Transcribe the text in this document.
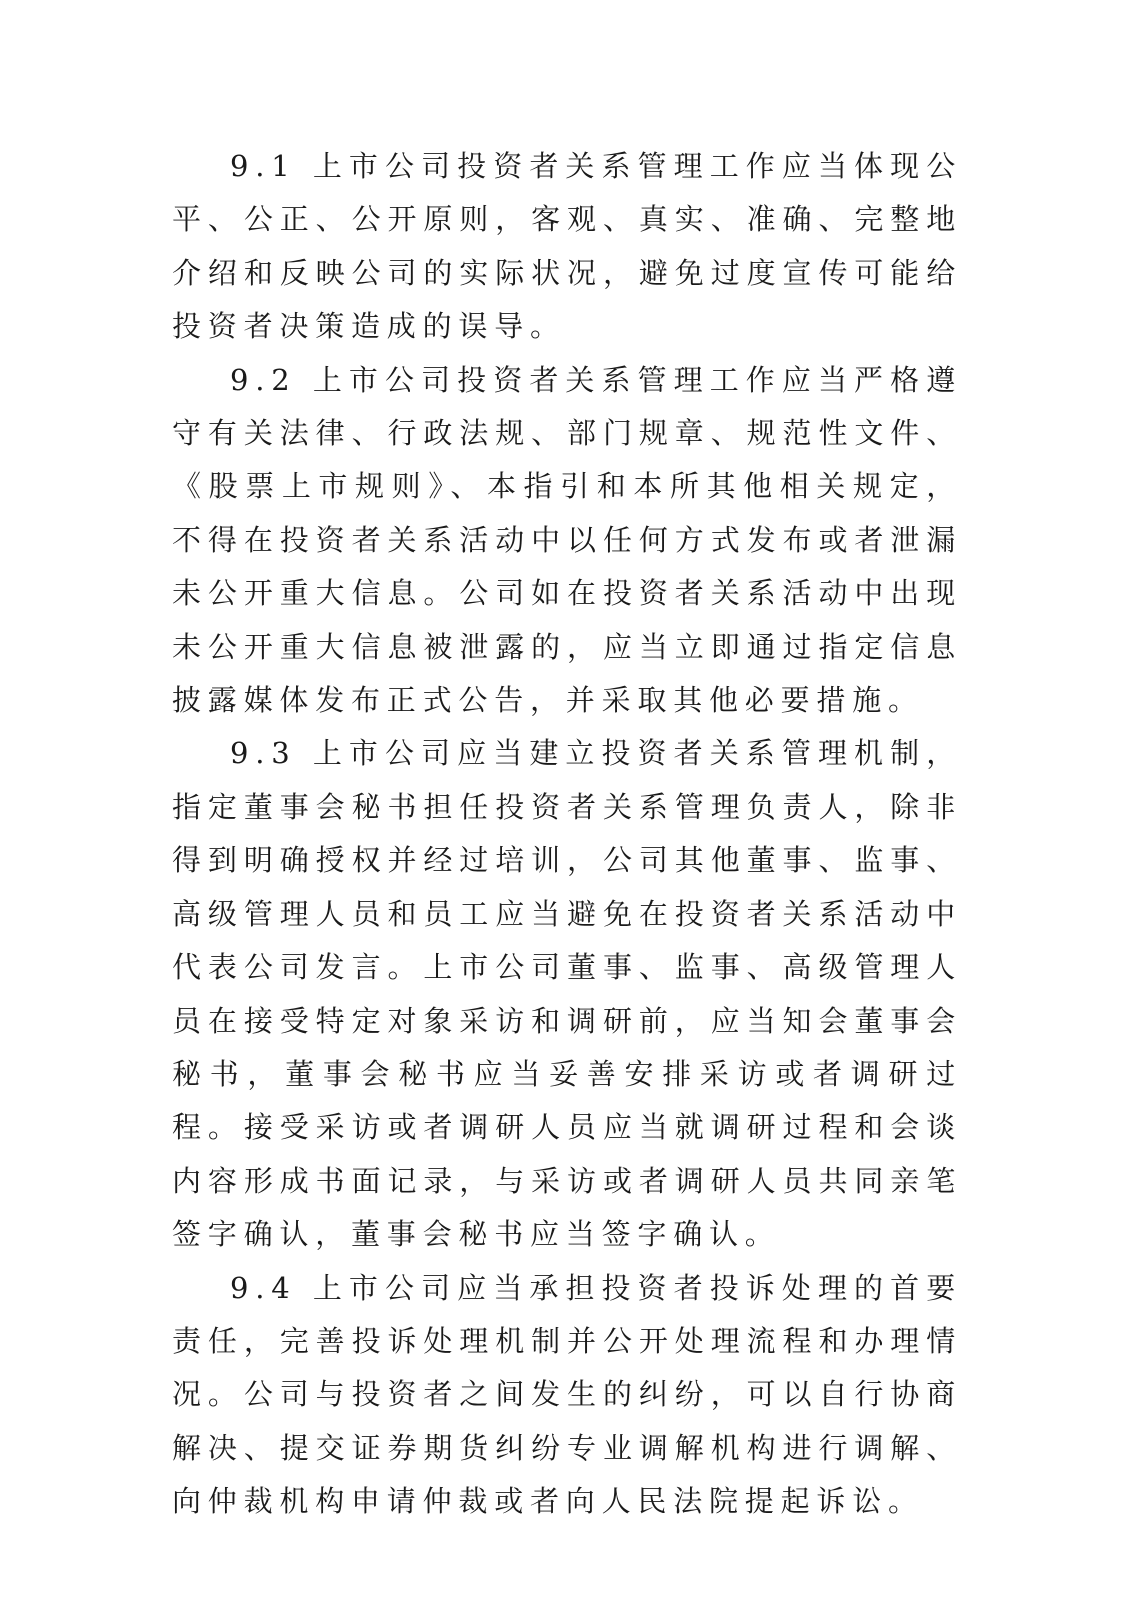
9.1 上市公司投资者关系管理工作应当体现公平、公正、公开原则，客观、真实、准确、完整地介绍和反映公司的实际状况，避免过度宣传可能给投资者决策造成的误导。

9.2 上市公司投资者关系管理工作应当严格遵守有关法律、行政法规、部门规章、规范性文件、《股票上市规则》、本指引和本所其他相关规定，不得在投资者关系活动中以任何方式发布或者泄漏未公开重大信息。公司如在投资者关系活动中出现未公开重大信息被泄露的，应当立即通过指定信息披露媒体发布正式公告，并采取其他必要措施。

9.3 上市公司应当建立投资者关系管理机制，指定董事会秘书担任投资者关系管理负责人，除非得到明确授权并经过培训，公司其他董事、监事、高级管理人员和员工应当避免在投资者关系活动中代表公司发言。上市公司董事、监事、高级管理人员在接受特定对象采访和调研前，应当知会董事会秘书，董事会秘书应当妥善安排采访或者调研过程。接受采访或者调研人员应当就调研过程和会谈内容形成书面记录，与采访或者调研人员共同亲笔签字确认，董事会秘书应当签字确认。

9.4 上市公司应当承担投资者投诉处理的首要责任，完善投诉处理机制并公开处理流程和办理情况。公司与投资者之间发生的纠纷，可以自行协商解决、提交证券期货纠纷专业调解机构进行调解、向仲裁机构申请仲裁或者向人民法院提起诉讼。
